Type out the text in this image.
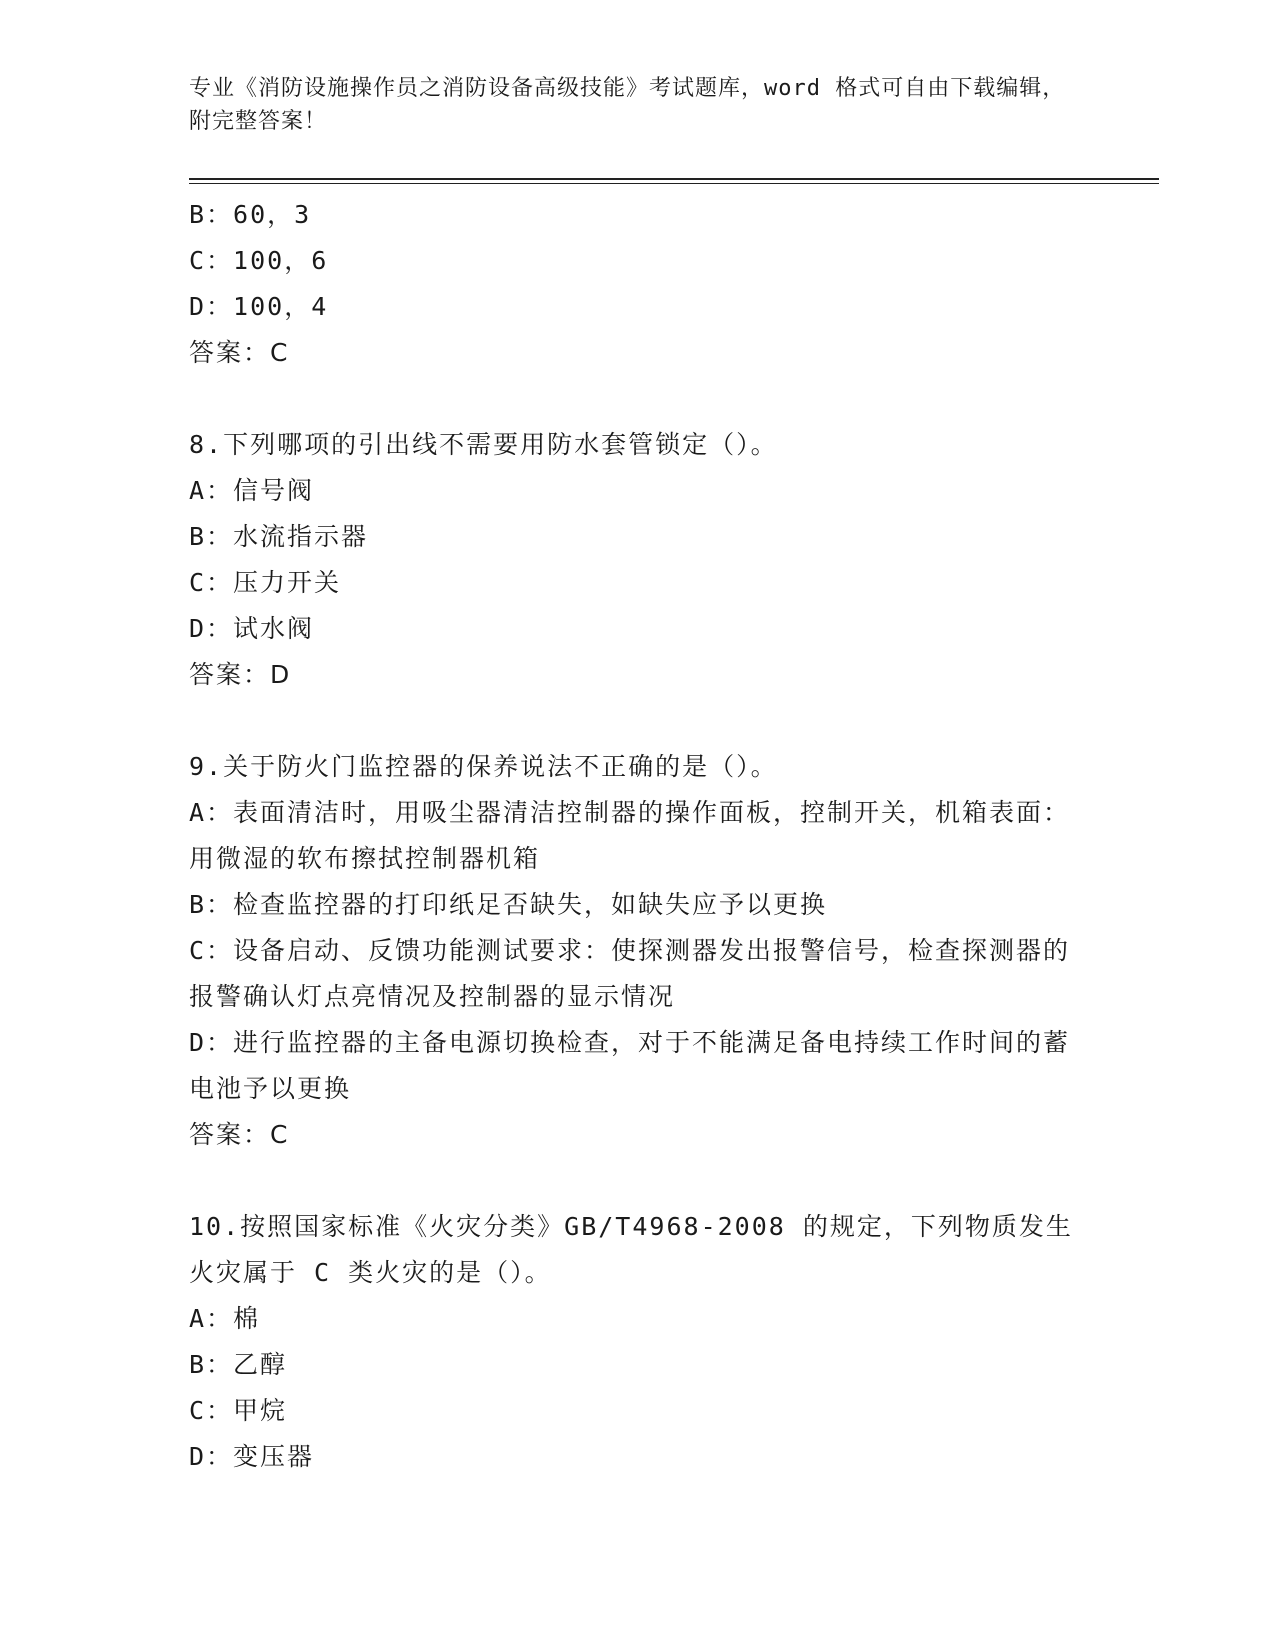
专业《消防设施操作员之消防设备高级技能》考试题库，word 格式可自由下载编辑，附完整答案！
B：60，3
C：100，6
D：100，4
答案：C
8.下列哪项的引出线不需要用防水套管锁定（）。
A：信号阀
B：水流指示器
C：压力开关
D：试水阀
答案：D
9.关于防火门监控器的保养说法不正确的是（）。
A：表面清洁时，用吸尘器清洁控制器的操作面板，控制开关，机箱表面：用微湿的软布擦拭控制器机箱
B：检查监控器的打印纸足否缺失，如缺失应予以更换
C：设备启动、反馈功能测试要求：使探测器发出报警信号，检查探测器的报警确认灯点亮情况及控制器的显示情况
D：进行监控器的主备电源切换检查，对于不能满足备电持续工作时间的蓄电池予以更换
答案：C
10.按照国家标准《火灾分类》GB/T4968-2008 的规定，下列物质发生火灾属于 C 类火灾的是（）。
A：棉
B：乙醇
C：甲烷
D：变压器
